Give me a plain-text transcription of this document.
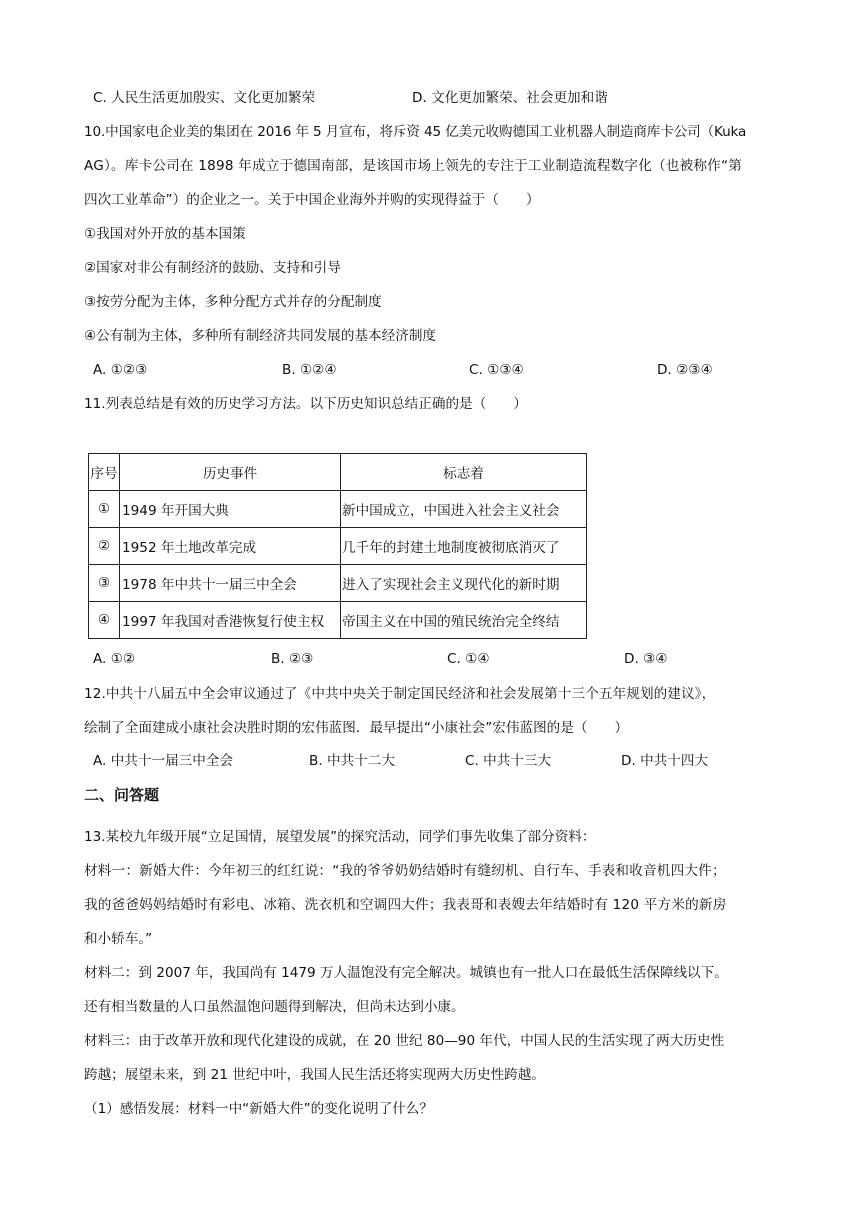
C. 人民生活更加殷实、文化更加繁荣	D. 文化更加繁荣、社会更加和谐
10.中国家电企业美的集团在 2016 年 5 月宣布，将斥资 45 亿美元收购德国工业机器人制造商库卡公司（Kuka
AG）。库卡公司在 1898 年成立于德国南部，是该国市场上领先的专注于工业制造流程数字化（也被称作“第
四次工业革命”）的企业之一。关于中国企业海外并购的实现得益于（　　）
①我国对外开放的基本国策
②国家对非公有制经济的鼓励、支持和引导
③按劳分配为主体，多种分配方式并存的分配制度
④公有制为主体，多种所有制经济共同发展的基本经济制度
A. ①②③	B. ①②④	C. ①③④	D. ②③④
11.列表总结是有效的历史学习方法。以下历史知识总结正确的是（　　）
序号	历史事件	标志着
①	1949 年开国大典	新中国成立，中国进入社会主义社会
②	1952 年土地改革完成	几千年的封建土地制度被彻底消灭了
③	1978 年中共十一届三中全会	进入了实现社会主义现代化的新时期
④	1997 年我国对香港恢复行使主权	帝国主义在中国的殖民统治完全终结
A. ①②	B. ②③	C. ①④	D. ③④
12.中共十八届五中全会审议通过了《中共中央关于制定国民经济和社会发展第十三个五年规划的建议》，
绘制了全面建成小康社会决胜时期的宏伟蓝图．最早提出“小康社会”宏伟蓝图的是（　　）
A. 中共十一届三中全会	B. 中共十二大	C. 中共十三大	D. 中共十四大
二、问答题
13.某校九年级开展“立足国情，展望发展”的探究活动，同学们事先收集了部分资料：
材料一：新婚大件：今年初三的红红说：“我的爷爷奶奶结婚时有缝纫机、自行车、手表和收音机四大件；
我的爸爸妈妈结婚时有彩电、冰箱、洗衣机和空调四大件；我表哥和表嫂去年结婚时有 120 平方米的新房
和小轿车。”
材料二：到 2007 年，我国尚有 1479 万人温饱没有完全解决。城镇也有一批人口在最低生活保障线以下。
还有相当数量的人口虽然温饱问题得到解决，但尚未达到小康。
材料三：由于改革开放和现代化建设的成就，在 20 世纪 80—90 年代，中国人民的生活实现了两大历史性
跨越；展望未来，到 21 世纪中叶，我国人民生活还将实现两大历史性跨越。
（1）感悟发展：材料一中“新婚大件”的变化说明了什么？
